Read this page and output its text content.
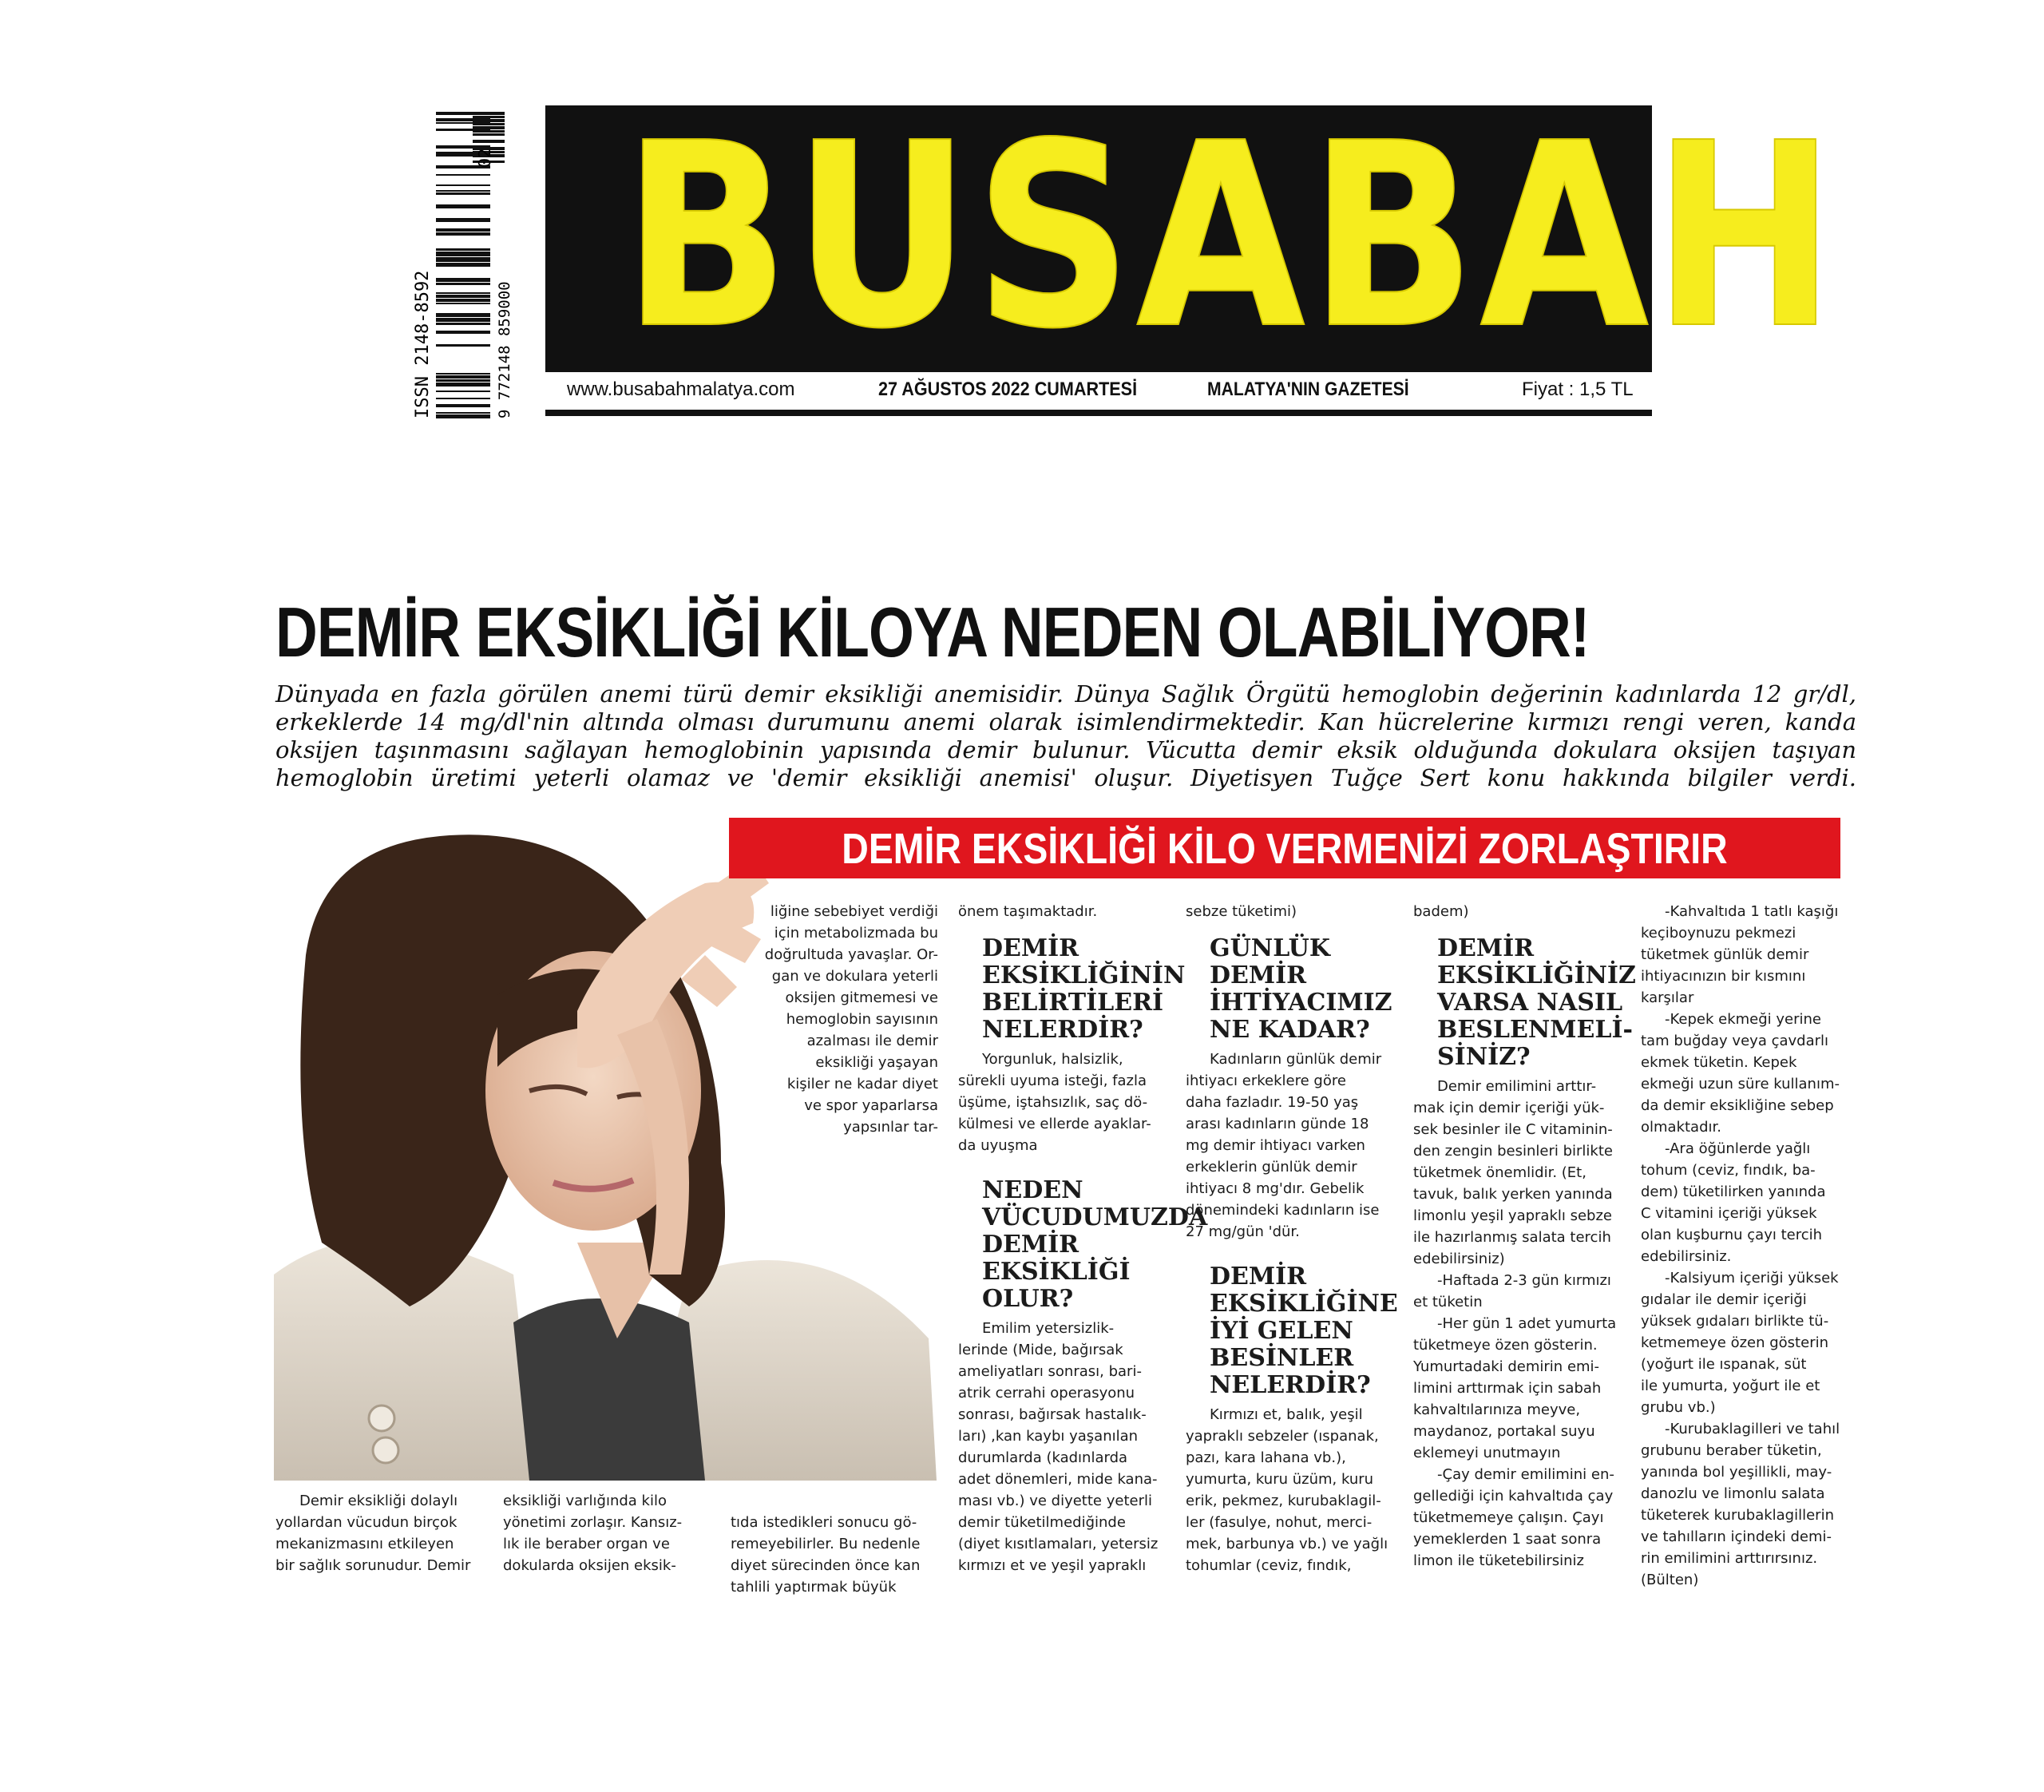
ISSN 2148-8592
02
9 772148 859000 BUSABAH
www.busabahmalatya.com	27 AĞUSTOS 2022 CUMARTESİ	MALATYA'NIN GAZETESİ	Fiyat : 1,5 TL
DEMİR EKSİKLİĞİ KİLOYA NEDEN OLABİLİYOR!
Dünyada en fazla görülen anemi türü demir eksikliği anemisidir. Dünya Sağlık Örgütü hemoglobin değerinin kadınlarda 12 gr/dl,
erkeklerde 14 mg/dl'nin altında olması durumunu anemi olarak isimlendirmektedir. Kan hücrelerine kırmızı rengi veren, kanda
oksijen taşınmasını sağlayan hemoglobinin yapısında demir bulunur. Vücutta demir eksik olduğunda dokulara oksijen taşıyan
hemoglobin üretimi yeterli olamaz ve 'demir eksikliği anemisi' oluşur. Diyetisyen Tuğçe Sert konu hakkında bilgiler verdi.
liğine sebebiyet verdiği
için metabolizmada bu
doğrultuda yavaşlar. Or-
gan ve dokulara yeterli
oksijen gitmemesi ve
hemoglobin sayısının
azalması ile demir
eksikliği yaşayan
kişiler ne kadar diyet
ve spor yaparlarsa
yapsınlar tar-
Demir eksikliği dolaylı
yollardan vücudun birçok
mekanizmasını etkileyen
bir sağlık sorunudur. Demir
eksikliği varlığında kilo
yönetimi zorlaşır. Kansız-
lık ile beraber organ ve
dokularda oksijen eksik-
tıda istedikleri sonucu gö-
remeyebilirler. Bu nedenle
diyet sürecinden önce kan
tahlili yaptırmak büyük
önem taşımaktadır.
DEMİR
EKSİKLİĞİNİN
BELİRTİLERİ
NELERDİR?
Yorgunluk, halsizlik,
sürekli uyuma isteği, fazla
üşüme, iştahsızlık, saç dö-
külmesi ve ellerde ayaklar-
da uyuşma
NEDEN
VÜCUDUMUZDA
DEMİR
EKSİKLİĞİ
OLUR?
Emilim yetersizlik-
lerinde (Mide, bağırsak
ameliyatları sonrası, bari-
atrik cerrahi operasyonu
sonrası, bağırsak hastalık-
ları) ,kan kaybı yaşanılan
durumlarda (kadınlarda
adet dönemleri, mide kana-
ması vb.) ve diyette yeterli
demir tüketilmediğinde
(diyet kısıtlamaları, yetersiz
kırmızı et ve yeşil yapraklı
sebze tüketimi)
GÜNLÜK
DEMİR
İHTİYACIMIZ
NE KADAR?
Kadınların günlük demir
ihtiyacı erkeklere göre
daha fazladır. 19-50 yaş
arası kadınların günde 18
mg demir ihtiyacı varken
erkeklerin günlük demir
ihtiyacı 8 mg'dır. Gebelik
dönemindeki kadınların ise
27 mg/gün 'dür.
DEMİR
EKSİKLİĞİNE
İYİ GELEN
BESİNLER
NELERDİR?
Kırmızı et, balık, yeşil
yapraklı sebzeler (ıspanak,
pazı, kara lahana vb.),
yumurta, kuru üzüm, kuru
erik, pekmez, kurubaklagil-
ler (fasulye, nohut, merci-
mek, barbunya vb.) ve yağlı
tohumlar (ceviz, fındık,
badem)
DEMİR
EKSİKLİĞİNİZ
VARSA NASIL
BESLENMELİ-
SİNİZ?
Demir emilimini arttır-
mak için demir içeriği yük-
sek besinler ile C vitaminin-
den zengin besinleri birlikte
tüketmek önemlidir. (Et,
tavuk, balık yerken yanında
limonlu yeşil yapraklı sebze
ile hazırlanmış salata tercih
edebilirsiniz)
-Haftada 2-3 gün kırmızı
et tüketin
-Her gün 1 adet yumurta
tüketmeye özen gösterin.
Yumurtadaki demirin emi-
limini arttırmak için sabah
kahvaltılarınıza meyve,
maydanoz, portakal suyu
eklemeyi unutmayın
-Çay demir emilimini en-
gellediği için kahvaltıda çay
tüketmemeye çalışın. Çayı
yemeklerden 1 saat sonra
limon ile tüketebilirsiniz
-Kahvaltıda 1 tatlı kaşığı
keçiboynuzu pekmezi
tüketmek günlük demir
ihtiyacınızın bir kısmını
karşılar
-Kepek ekmeği yerine
tam buğday veya çavdarlı
ekmek tüketin. Kepek
ekmeği uzun süre kullanım-
da demir eksikliğine sebep
olmaktadır.
-Ara öğünlerde yağlı
tohum (ceviz, fındık, ba-
dem) tüketilirken yanında
C vitamini içeriği yüksek
olan kuşburnu çayı tercih
edebilirsiniz.
-Kalsiyum içeriği yüksek
gıdalar ile demir içeriği
yüksek gıdaları birlikte tü-
ketmemeye özen gösterin
(yoğurt ile ıspanak, süt
ile yumurta, yoğurt ile et
grubu vb.)
-Kurubaklagilleri ve tahıl
grubunu beraber tüketin,
yanında bol yeşillikli, may-
danozlu ve limonlu salata
tüketerek kurubaklagillerin
ve tahılların içindeki demi-
rin emilimini arttırırsınız.
(Bülten)
DEMİR EKSİKLİĞİ KİLO VERMENİZİ ZORLAŞTIRIR
